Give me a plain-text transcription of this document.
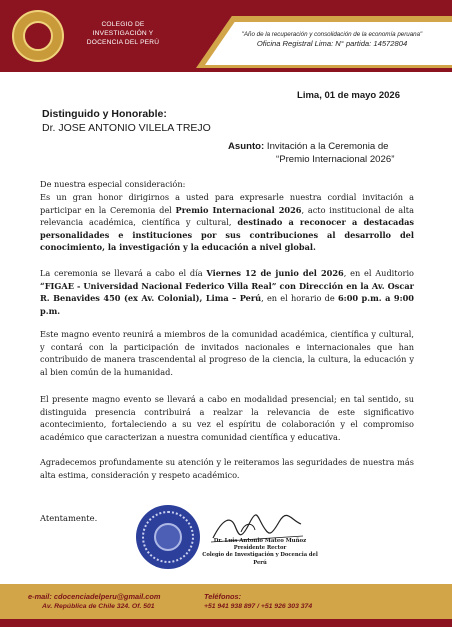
COLEGIO DE
INVESTIGACIÓN Y
DOCENCIA DEL PERÚ
"Año de la recuperación y consolidación de la economía peruana"
Oficina Registral Lima: N° partida: 14572804
Lima, 01 de mayo 2026
Distinguido y Honorable:
Dr. JOSE ANTONIO VILELA TREJO
Asunto: Invitación a la Ceremonia de
“Premio Internacional 2026”
De nuestra especial consideración:
Es un gran honor dirigirnos a usted para expresarle nuestra cordial invitación a participar en la Ceremonia del Premio Internacional 2026, acto institucional de alta relevancia académica, científica y cultural, destinado a reconocer a destacadas personalidades e instituciones por sus contribuciones al desarrollo del conocimiento, la investigación y la educación a nivel global.
La ceremonia se llevará a cabo el día Viernes 12 de junio del 2026, en el Auditorio “FIGAE - Universidad Nacional Federico Villa Real” con Dirección en la Av. Oscar R. Benavides 450 (ex Av. Colonial), Lima – Perú, en el horario de 6:00 p.m. a 9:00 p.m.
Este magno evento reunirá a miembros de la comunidad académica, científica y cultural, y contará con la participación de invitados nacionales e internacionales que han contribuido de manera trascendental al progreso de la ciencia, la cultura, la educación y al bien común de la humanidad.
El presente magno evento se llevará a cabo en modalidad presencial; en tal sentido, su distinguida presencia contribuirá a realzar la relevancia de este significativo acontecimiento, fortaleciendo a su vez el espíritu de colaboración y el compromiso académico que caracterizan a nuestra comunidad científica y educativa.
Agradecemos profundamente su atención y le reiteramos las seguridades de nuestra más alta estima, consideración y respeto académico.
Atentamente.
Dr. Luis Antonio Mateo Muñoz
Presidente Rector
Colegio de Investigación y Docencia del Perú
e-mail: cdocenciadelperu@gmail.com
Av. República de Chile 324. Of. 501
Teléfonos:
+51 941 938 897 / +51 926 303 374
